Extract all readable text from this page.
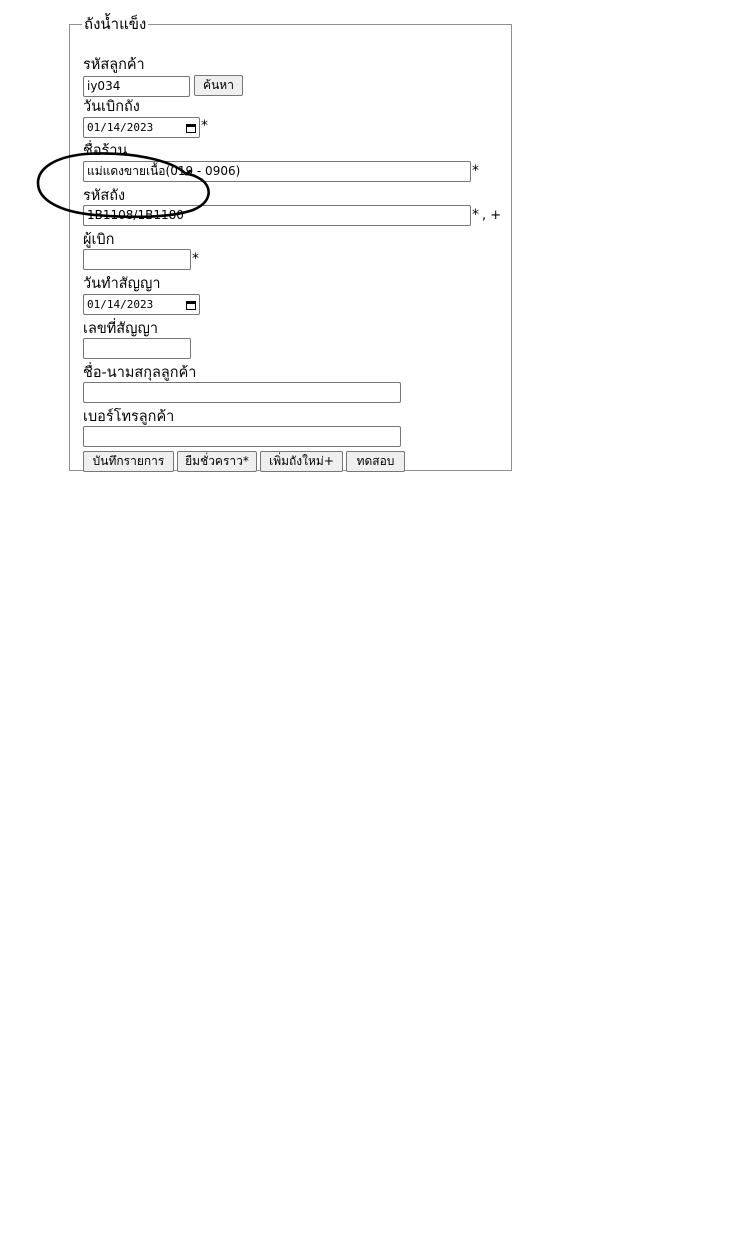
ถังน้ำแข็ง
รหัสลูกค้า
iy034	ค้นหา
วันเบิกถัง
01/14/2023	*
ชื่อร้าน
แม่แดงขายเนื้อ(019 - 0906)	*
รหัสถัง
1B1108/1B1180	* , +
ผู้เบิก
*
วันทำสัญญา
01/14/2023
เลขที่สัญญา
ชื่อ-นามสกุลลูกค้า
เบอร์โทรลูกค้า
บันทึกรายการ	ยืมชั่วคราว*	เพิ่มถังใหม่+	ทดสอบ
